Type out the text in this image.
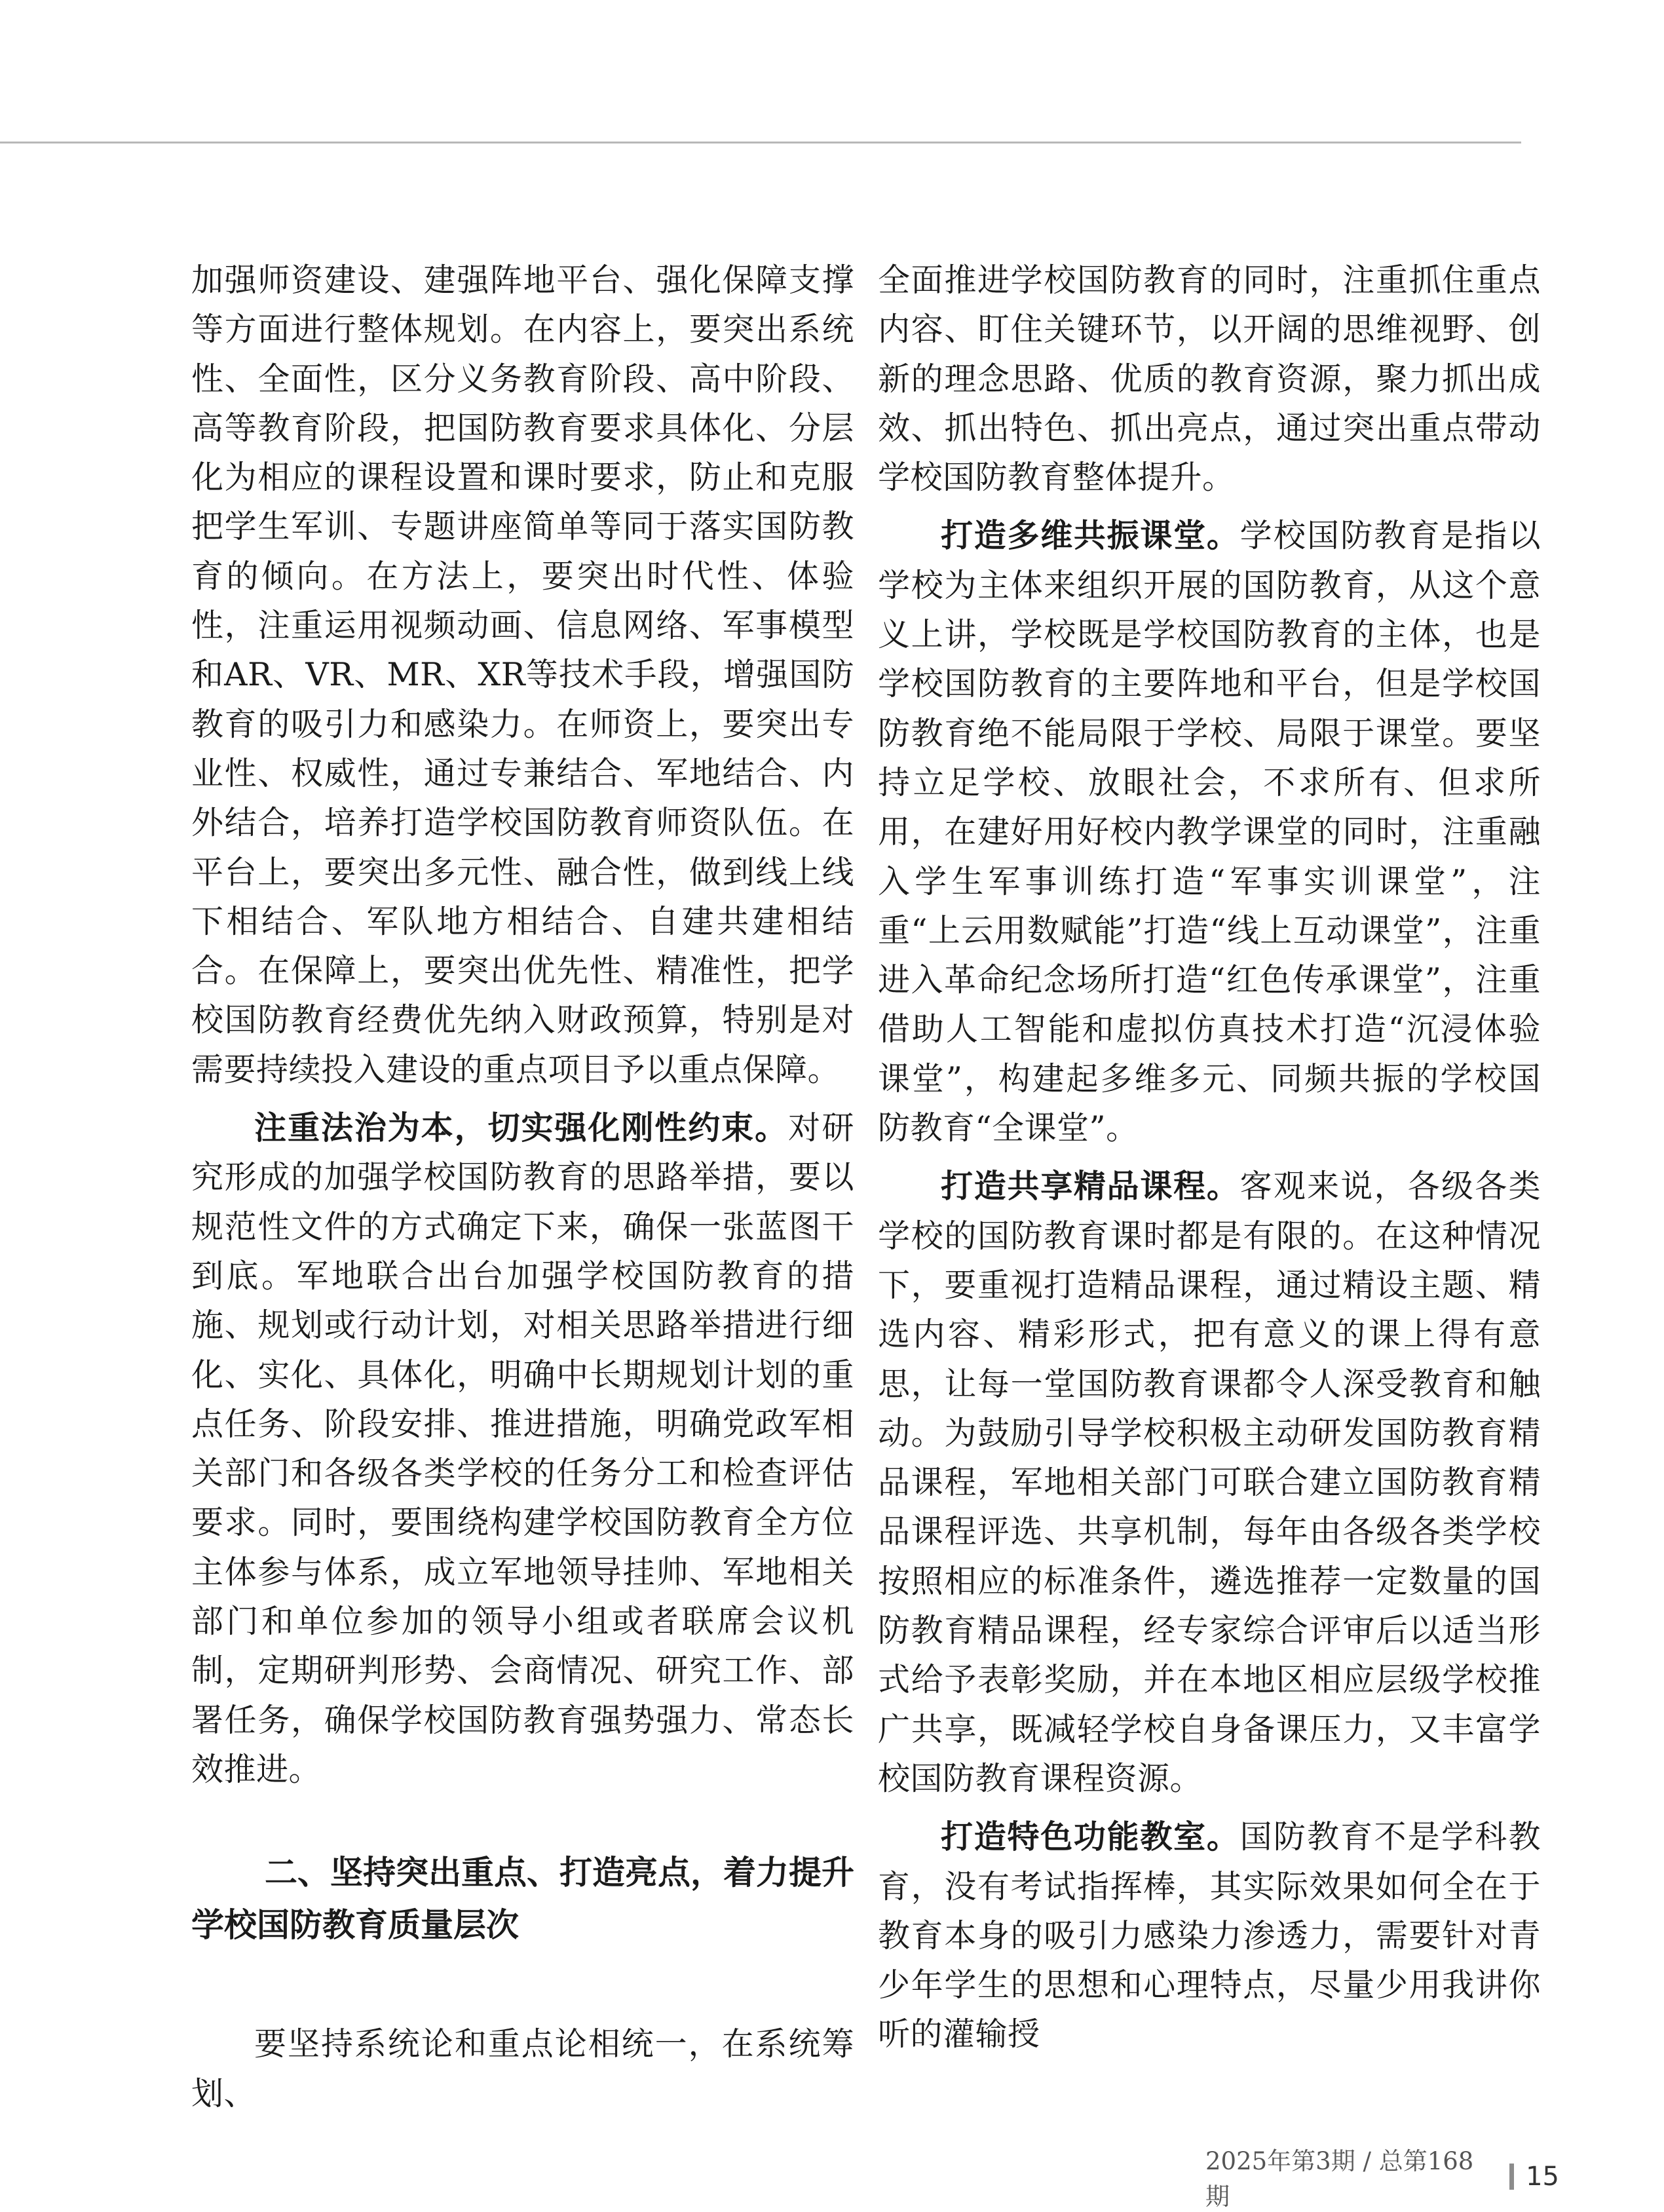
加强师资建设、建强阵地平台、强化保障支撑等方面进行整体规划。在内容上，要突出系统性、全面性，区分义务教育阶段、高中阶段、高等教育阶段，把国防教育要求具体化、分层化为相应的课程设置和课时要求，防止和克服把学生军训、专题讲座简单等同于落实国防教育的倾向。在方法上，要突出时代性、体验性，注重运用视频动画、信息网络、军事模型和AR、VR、MR、XR等技术手段，增强国防教育的吸引力和感染力。在师资上，要突出专业性、权威性，通过专兼结合、军地结合、内外结合，培养打造学校国防教育师资队伍。在平台上，要突出多元性、融合性，做到线上线下相结合、军队地方相结合、自建共建相结合。在保障上，要突出优先性、精准性，把学校国防教育经费优先纳入财政预算，特别是对需要持续投入建设的重点项目予以重点保障。

注重法治为本，切实强化刚性约束。对研究形成的加强学校国防教育的思路举措，要以规范性文件的方式确定下来，确保一张蓝图干到底。军地联合出台加强学校国防教育的措施、规划或行动计划，对相关思路举措进行细化、实化、具体化，明确中长期规划计划的重点任务、阶段安排、推进措施，明确党政军相关部门和各级各类学校的任务分工和检查评估要求。同时，要围绕构建学校国防教育全方位主体参与体系，成立军地领导挂帅、军地相关部门和单位参加的领导小组或者联席会议机制，定期研判形势、会商情况、研究工作、部署任务，确保学校国防教育强势强力、常态长效推进。

二、坚持突出重点、打造亮点，着力提升学校国防教育质量层次

要坚持系统论和重点论相统一，在系统筹划、

全面推进学校国防教育的同时，注重抓住重点内容、盯住关键环节，以开阔的思维视野、创新的理念思路、优质的教育资源，聚力抓出成效、抓出特色、抓出亮点，通过突出重点带动学校国防教育整体提升。

打造多维共振课堂。学校国防教育是指以学校为主体来组织开展的国防教育，从这个意义上讲，学校既是学校国防教育的主体，也是学校国防教育的主要阵地和平台，但是学校国防教育绝不能局限于学校、局限于课堂。要坚持立足学校、放眼社会，不求所有、但求所用，在建好用好校内教学课堂的同时，注重融入学生军事训练打造“军事实训课堂”，注重“上云用数赋能”打造“线上互动课堂”，注重进入革命纪念场所打造“红色传承课堂”，注重借助人工智能和虚拟仿真技术打造“沉浸体验课堂”，构建起多维多元、同频共振的学校国防教育“全课堂”。

打造共享精品课程。客观来说，各级各类学校的国防教育课时都是有限的。在这种情况下，要重视打造精品课程，通过精设主题、精选内容、精彩形式，把有意义的课上得有意思，让每一堂国防教育课都令人深受教育和触动。为鼓励引导学校积极主动研发国防教育精品课程，军地相关部门可联合建立国防教育精品课程评选、共享机制，每年由各级各类学校按照相应的标准条件，遴选推荐一定数量的国防教育精品课程，经专家综合评审后以适当形式给予表彰奖励，并在本地区相应层级学校推广共享，既减轻学校自身备课压力，又丰富学校国防教育课程资源。

打造特色功能教室。国防教育不是学科教育，没有考试指挥棒，其实际效果如何全在于教育本身的吸引力感染力渗透力，需要针对青少年学生的思想和心理特点，尽量少用我讲你听的灌输授

2025年第3期 / 总第168期
15
